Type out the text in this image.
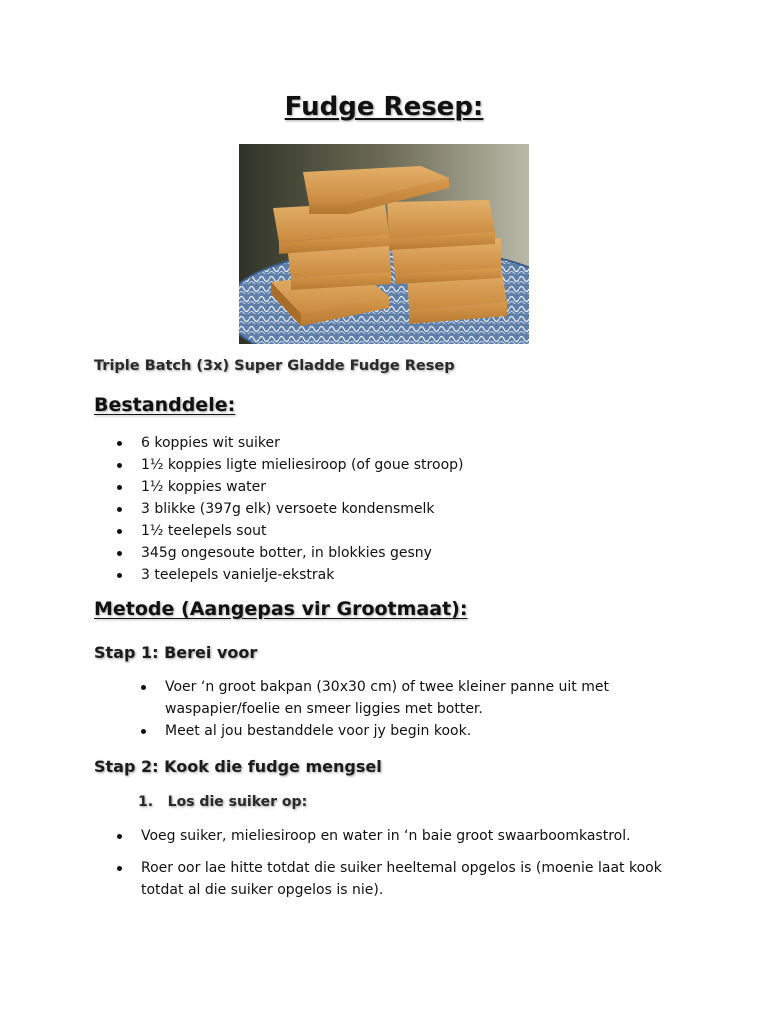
Fudge Resep:
Triple Batch (3x) Super Gladde Fudge Resep
Bestanddele:
6 koppies wit suiker
1½ koppies ligte mieliesiroop (of goue stroop)
1½ koppies water
3 blikke (397g elk) versoete kondensmelk
1½ teelepels sout
345g ongesoute botter, in blokkies gesny
3 teelepels vanielje-ekstrak
Metode (Aangepas vir Grootmaat):
Stap 1: Berei voor
Voer ‘n groot bakpan (30x30 cm) of twee kleiner panne uit met waspapier/foelie en smeer liggies met botter.
Meet al jou bestanddele voor jy begin kook.
Stap 2: Kook die fudge mengsel
1.   Los die suiker op:
Voeg suiker, mieliesiroop en water in ‘n baie groot swaarboomkastrol.
Roer oor lae hitte totdat die suiker heeltemal opgelos is (moenie laat kook totdat al die suiker opgelos is nie).
